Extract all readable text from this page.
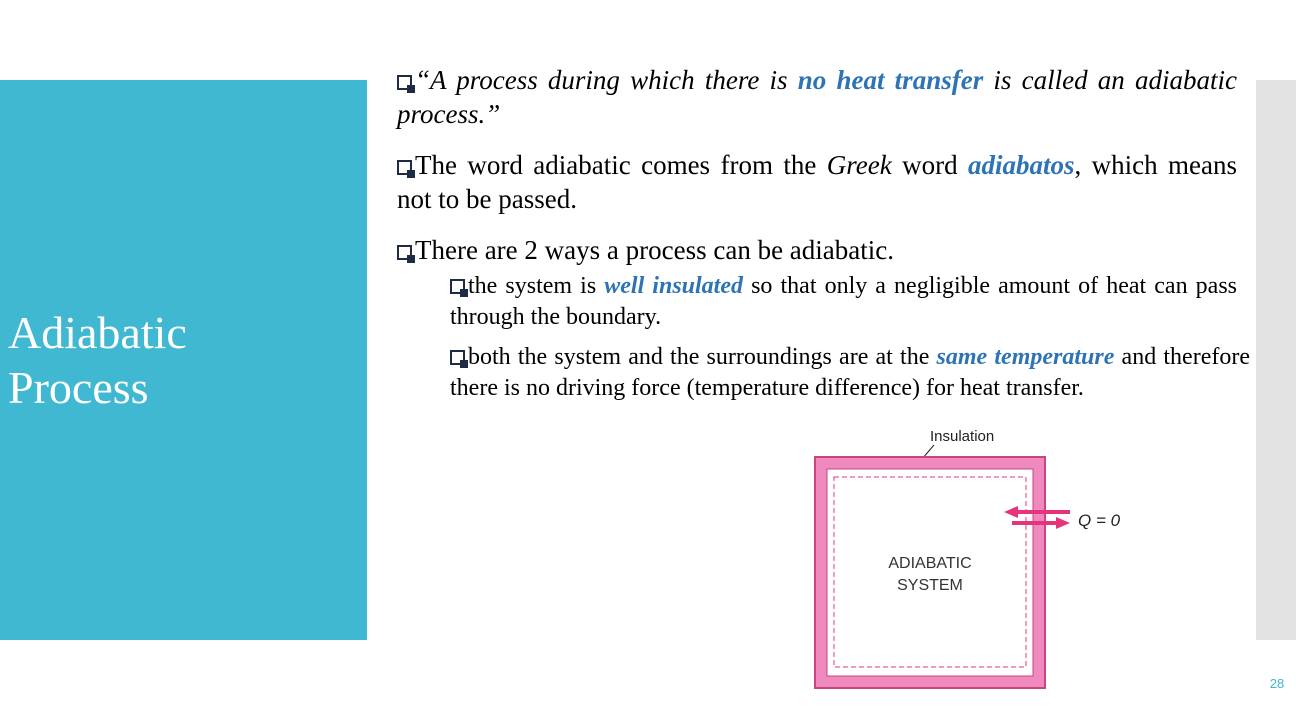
Adiabatic
Process
“A process during which there is no heat transfer is called an adiabatic process.”
The word adiabatic comes from the Greek word adiabatos, which means not to be passed.
There are 2 ways a process can be adiabatic.
the system is well insulated so that only a negligible amount of heat can pass through the boundary.
both the system and the surroundings are at the same temperature and therefore there is no driving force (temperature difference) for heat transfer.
Insulation
Q = 0
ADIABATIC
SYSTEM
28
